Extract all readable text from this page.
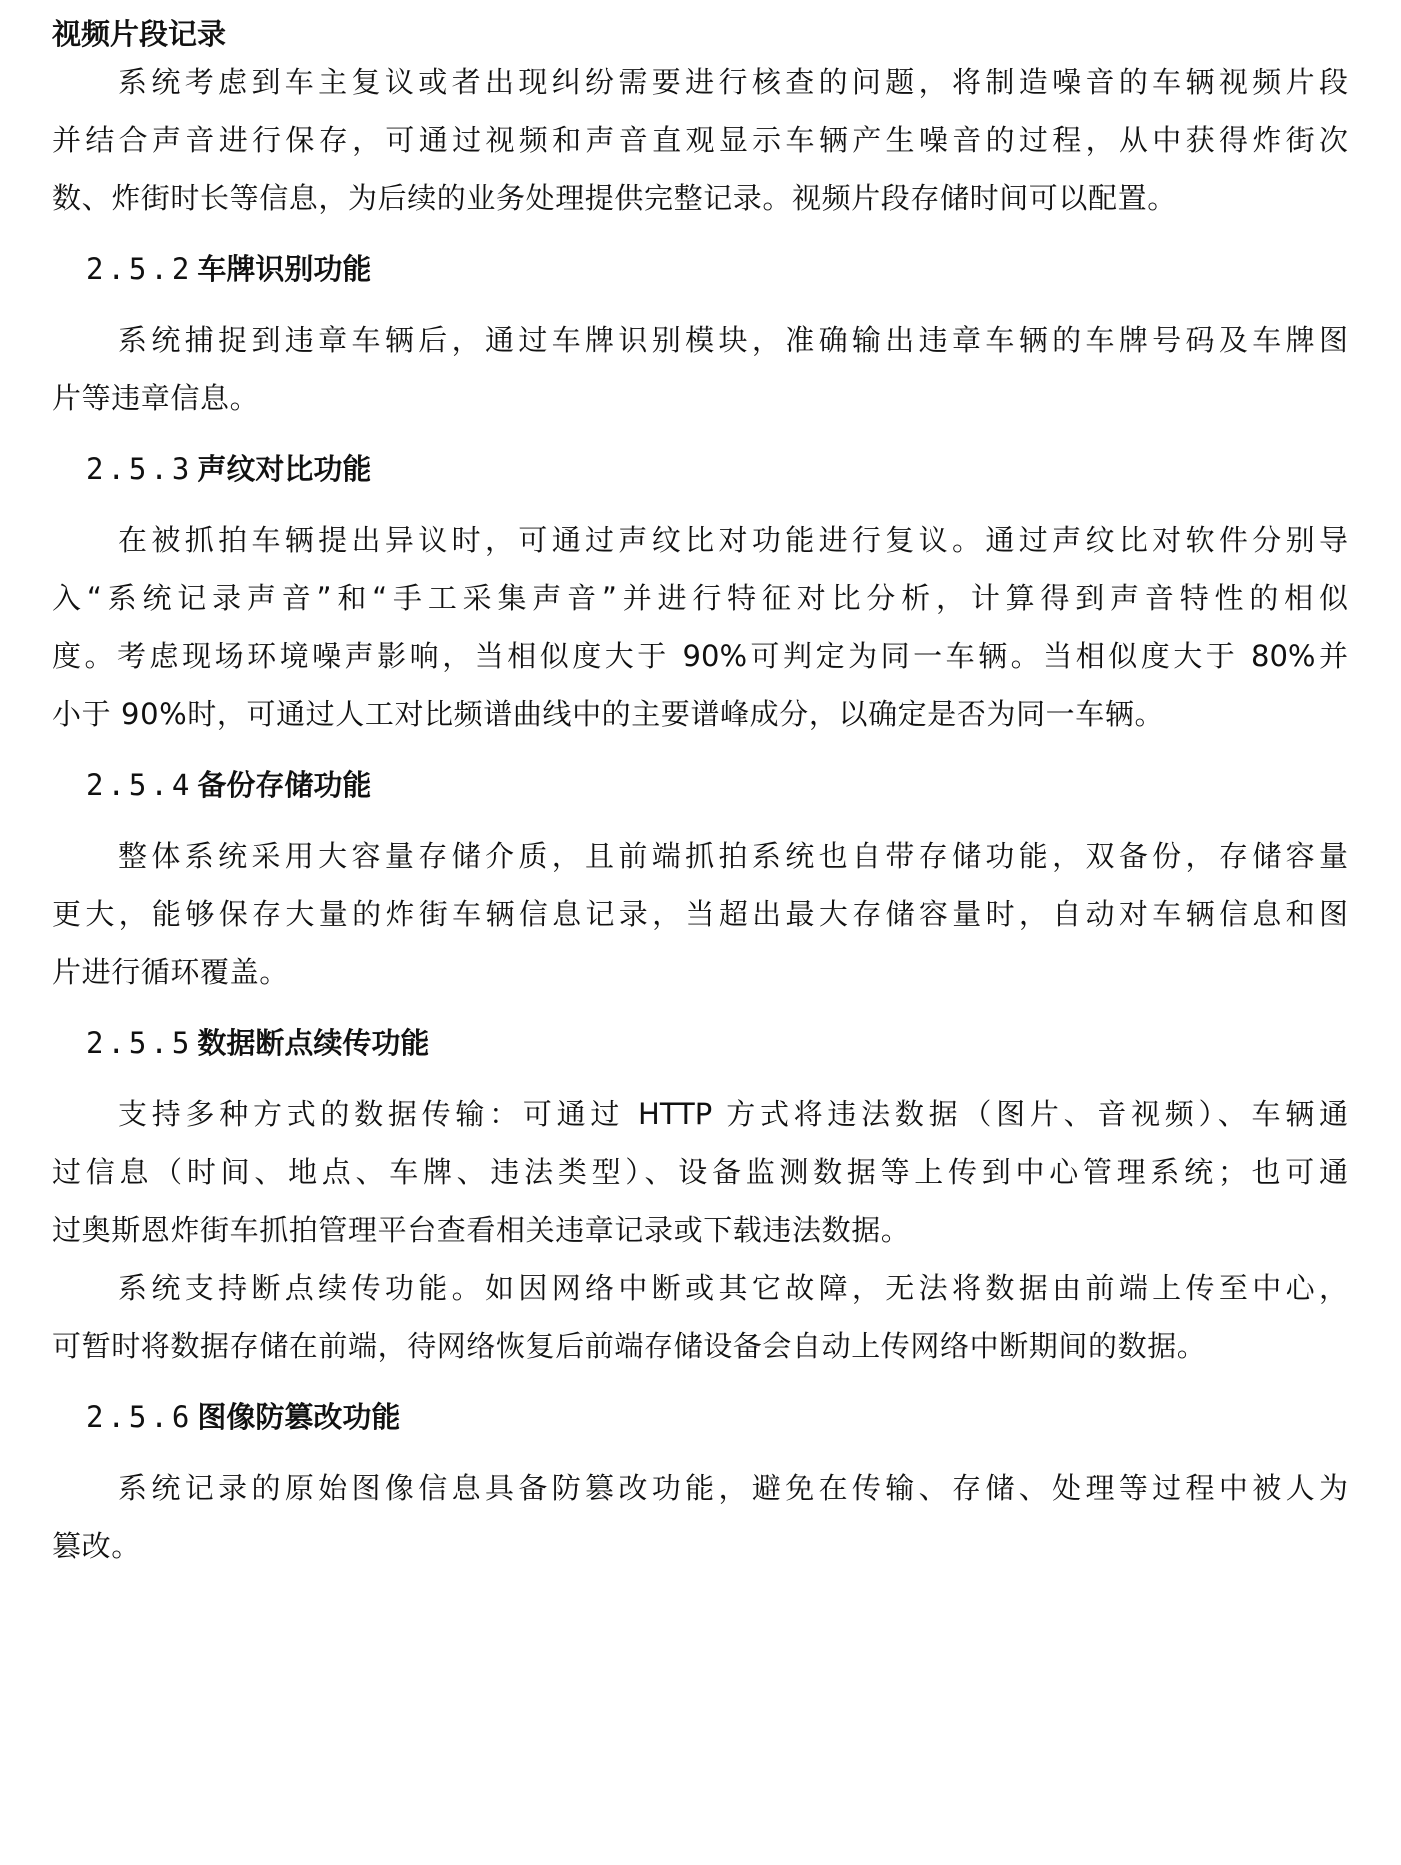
视频片段记录
系统考虑到车主复议或者出现纠纷需要进行核查的问题，将制造噪音的车辆视频片段
并结合声音进行保存，可通过视频和声音直观显示车辆产生噪音的过程，从中获得炸街次
数、炸街时长等信息，为后续的业务处理提供完整记录。视频片段存储时间可以配置。
2.5.2 车牌识别功能
系统捕捉到违章车辆后，通过车牌识别模块，准确输出违章车辆的车牌号码及车牌图
片等违章信息。
2.5.3 声纹对比功能
在被抓拍车辆提出异议时，可通过声纹比对功能进行复议。通过声纹比对软件分别导
入“系统记录声音”和“手工采集声音”并进行特征对比分析，计算得到声音特性的相似
度。考虑现场环境噪声影响，当相似度大于 90%可判定为同一车辆。当相似度大于 80%并
小于 90%时，可通过人工对比频谱曲线中的主要谱峰成分，以确定是否为同一车辆。
2.5.4 备份存储功能
整体系统采用大容量存储介质，且前端抓拍系统也自带存储功能，双备份，存储容量
更大，能够保存大量的炸街车辆信息记录，当超出最大存储容量时，自动对车辆信息和图
片进行循环覆盖。
2.5.5 数据断点续传功能
支持多种方式的数据传输：可通过 HTTP 方式将违法数据（图片、音视频）、车辆通
过信息（时间、地点、车牌、违法类型）、设备监测数据等上传到中心管理系统；也可通
过奥斯恩炸街车抓拍管理平台查看相关违章记录或下载违法数据。
系统支持断点续传功能。如因网络中断或其它故障，无法将数据由前端上传至中心，
可暂时将数据存储在前端，待网络恢复后前端存储设备会自动上传网络中断期间的数据。
2.5.6 图像防篡改功能
系统记录的原始图像信息具备防篡改功能，避免在传输、存储、处理等过程中被人为
篡改。
